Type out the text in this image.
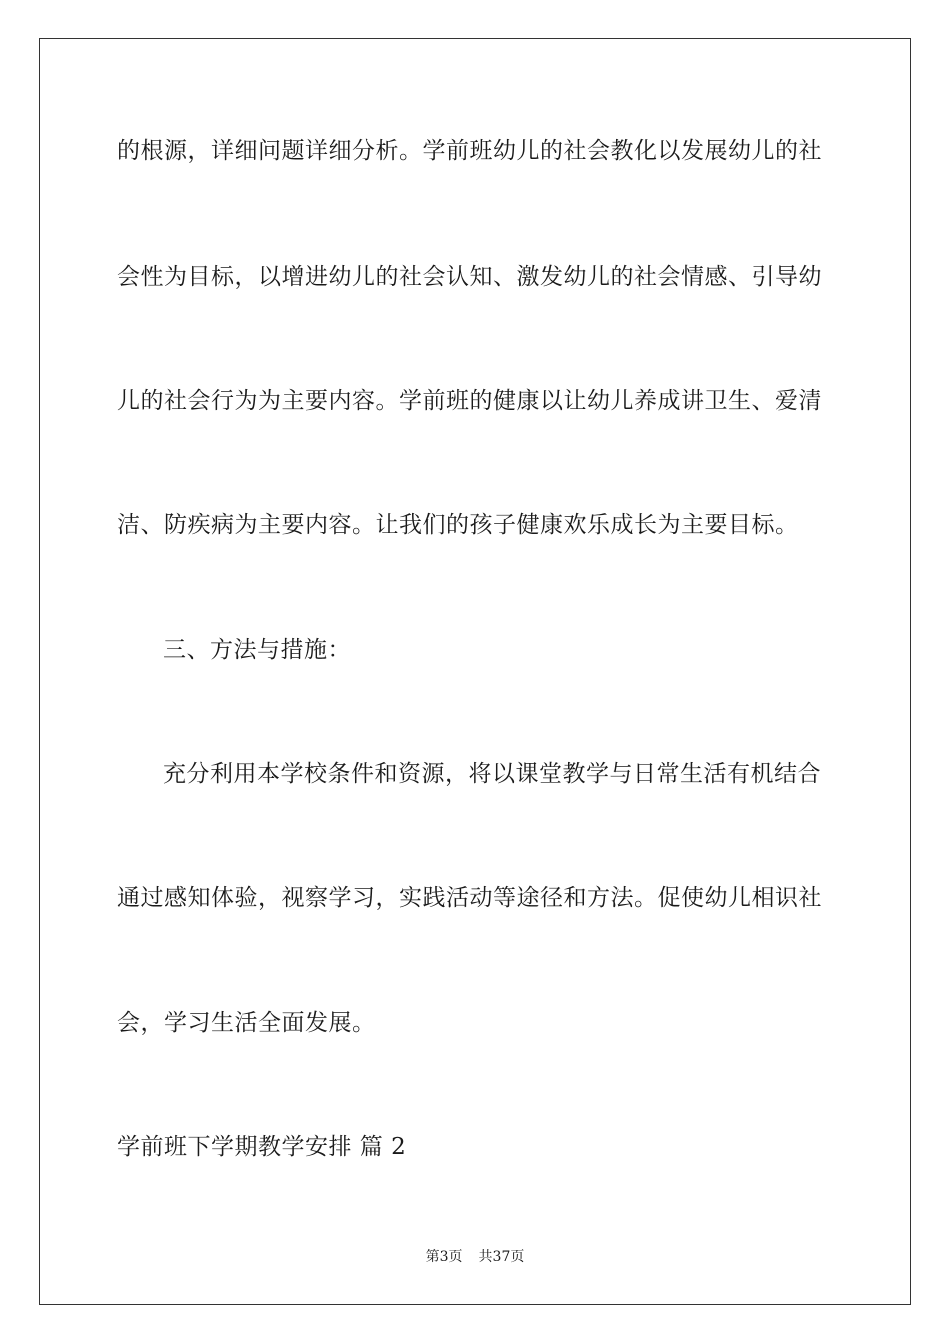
的根源，详细问题详细分析。学前班幼儿的社会教化以发展幼儿的社
会性为目标，以增进幼儿的社会认知、激发幼儿的社会情感、引导幼
儿的社会行为为主要内容。学前班的健康以让幼儿养成讲卫生、爱清
洁、防疾病为主要内容。让我们的孩子健康欢乐成长为主要目标。
三、方法与措施：
充分利用本学校条件和资源，将以课堂教学与日常生活有机结合
通过感知体验，视察学习，实践活动等途径和方法。促使幼儿相识社
会，学习生活全面发展。
学前班下学期教学安排 篇 2
第3页 共37页
